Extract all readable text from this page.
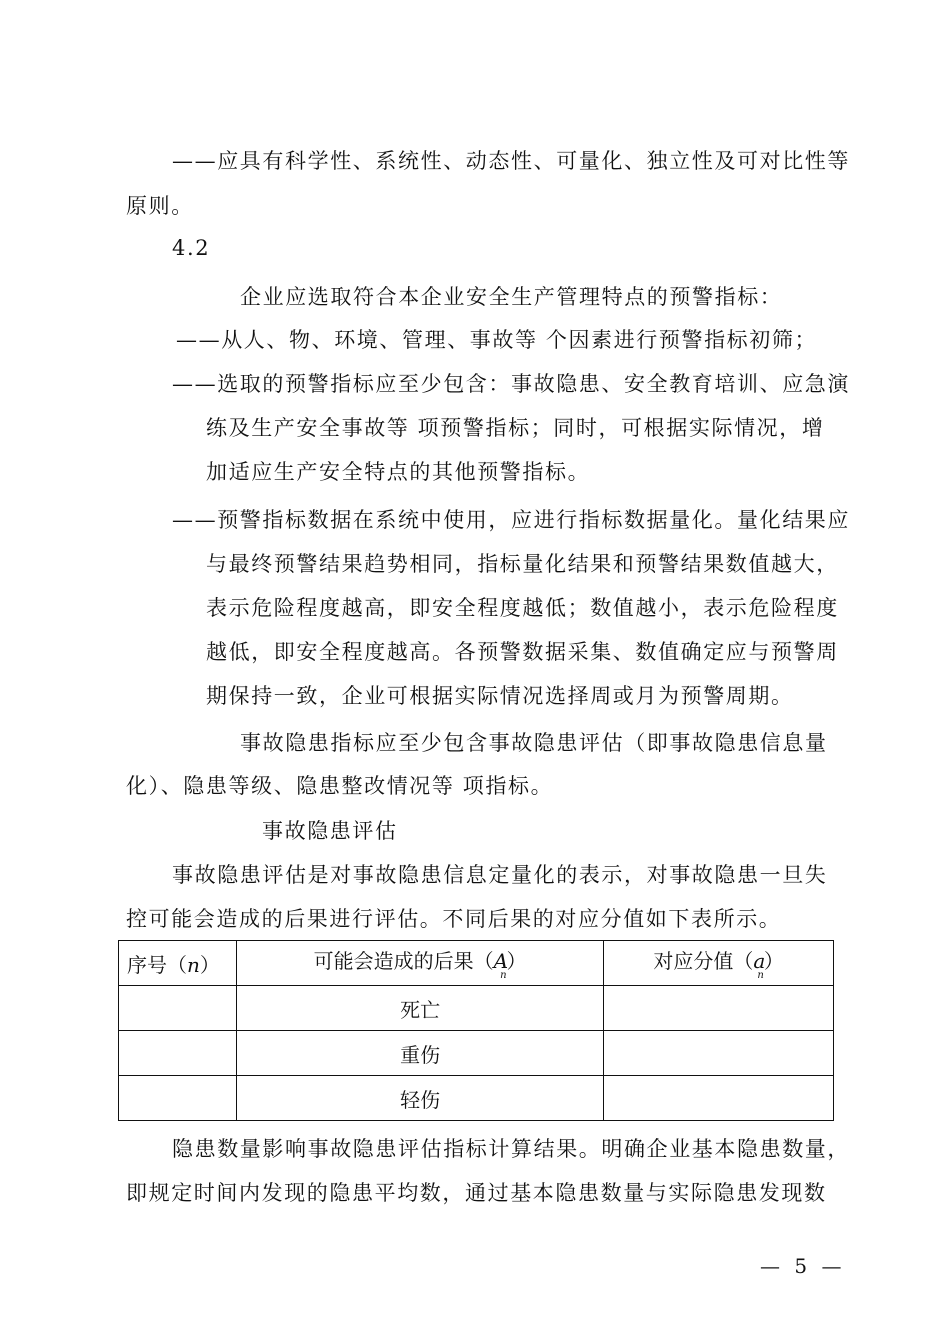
——应具有科学性、系统性、动态性、可量化、独立性及可对比性等
原则。
4.2
企业应选取符合本企业安全生产管理特点的预警指标：
——从人、物、环境、管理、事故等 个因素进行预警指标初筛；
——选取的预警指标应至少包含：事故隐患、安全教育培训、应急演
练及生产安全事故等 项预警指标；同时，可根据实际情况，增
加适应生产安全特点的其他预警指标。
——预警指标数据在系统中使用，应进行指标数据量化。量化结果应
与最终预警结果趋势相同，指标量化结果和预警结果数值越大，
表示危险程度越高，即安全程度越低；数值越小，表示危险程度
越低，即安全程度越高。各预警数据采集、数值确定应与预警周
期保持一致，企业可根据实际情况选择周或月为预警周期。
事故隐患指标应至少包含事故隐患评估（即事故隐患信息量
化）、隐患等级、隐患整改情况等 项指标。
事故隐患评估
事故隐患评估是对事故隐患信息定量化的表示，对事故隐患一旦失
控可能会造成的后果进行评估。不同后果的对应分值如下表所示。
序号（n）	可能会造成的后果$(A_n)$	对应分值$(a_n)$
	死亡	
	重伤	
	轻伤	
隐患数量影响事故隐患评估指标计算结果。明确企业基本隐患数量，
即规定时间内发现的隐患平均数，通过基本隐患数量与实际隐患发现数
— 5 —
